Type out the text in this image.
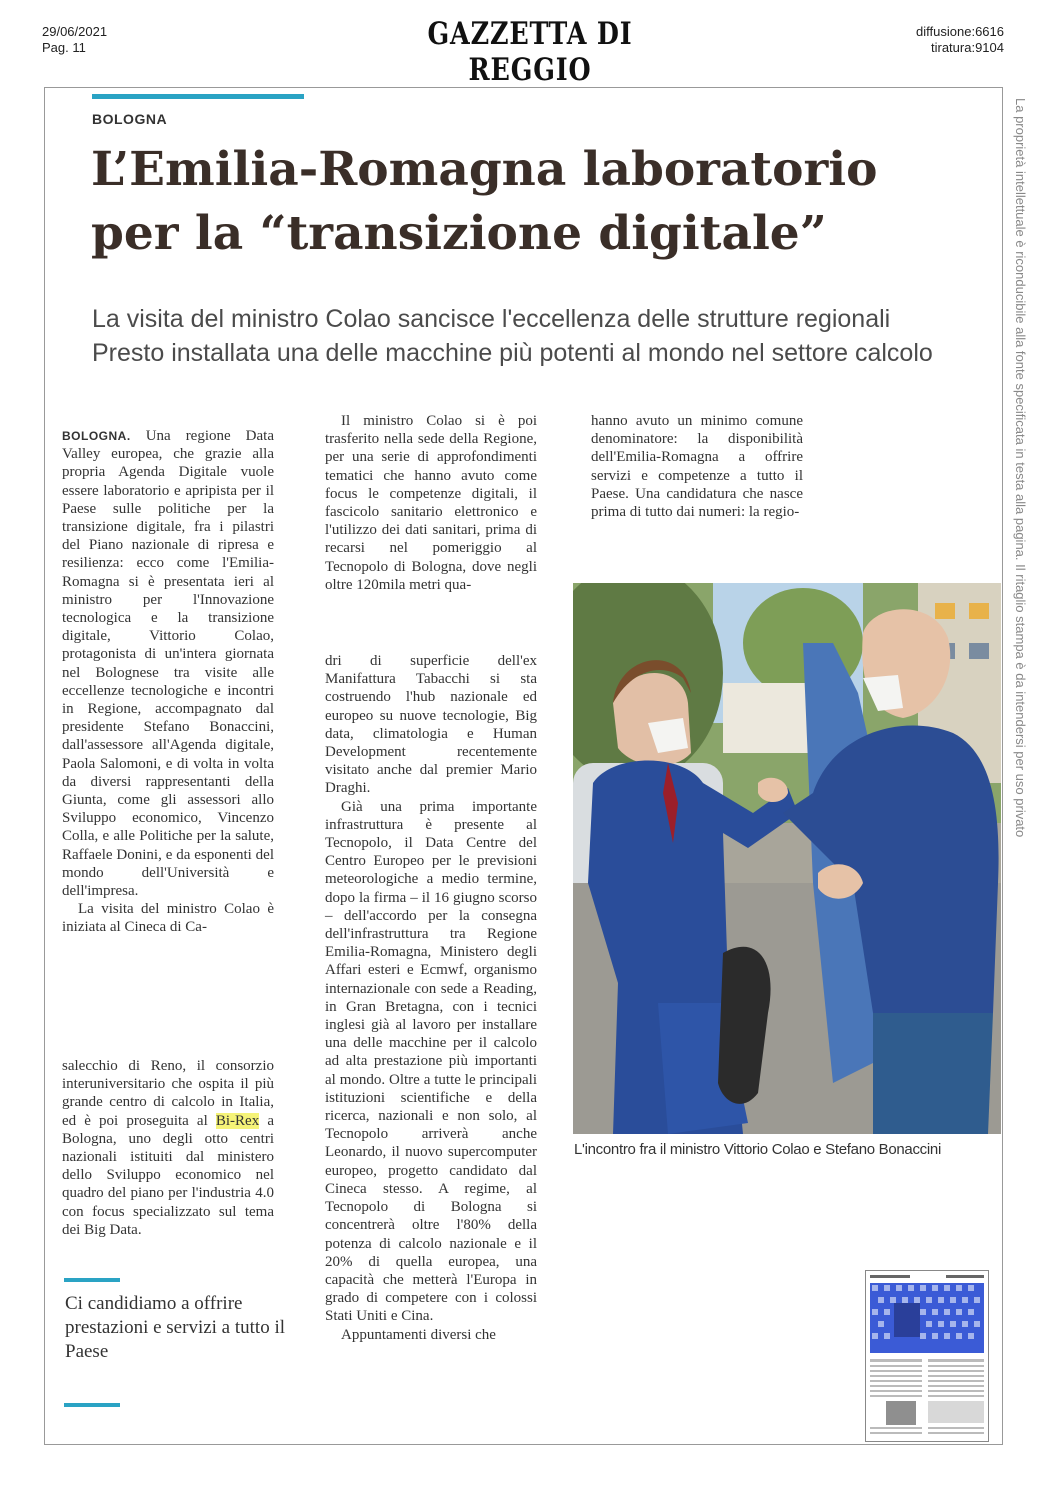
29/06/2021
Pag. 11	GAZZETTA DI REGGIO
diffusione:6616
tiratura:9104
BOLOGNA
L’Emilia-Romagna laboratorio
per la “transizione digitale”
La visita del ministro Colao sancisce l'eccellenza delle strutture regionali
Presto installata una delle macchine più potenti al mondo nel settore calcolo

BOLOGNA. Una regione Data Valley europea, che grazie alla propria Agenda Digitale vuole essere laboratorio e apripista per il Paese sulle politiche per la transizione digitale, fra i pilastri del Piano nazionale di ripresa e resilienza: ecco come l'Emilia-Romagna si è presentata ieri al ministro per l'Innovazione tecnologica e la transizione digitale, Vittorio Colao, protagonista di un'intera giornata nel Bolognese tra visite alle eccellenze tecnologiche e incontri in Regione, accompagnato dal presidente Stefano Bonaccini, dall'assessore all'Agenda digitale, Paola Salomoni, e di volta in volta da diversi rappresentanti della Giunta, come gli assessori allo Sviluppo economico, Vincenzo Colla, e alle Politiche per la salute, Raffaele Donini, e da esponenti del mondo dell'Università e dell'impresa.

La visita del ministro Colao è iniziata al Cineca di Ca-

salecchio di Reno, il consorzio interuniversitario che ospita il più grande centro di calcolo in Italia, ed è poi proseguita al Bi-Rex a Bologna, uno degli otto centri nazionali istituiti dal ministero dello Sviluppo economico nel quadro del piano per l'industria 4.0 con focus specializzato sul tema dei Big Data.

Ci candidiamo a offrire prestazioni e servizi a tutto il Paese

Il ministro Colao si è poi trasferito nella sede della Regione, per una serie di approfondimenti tematici che hanno avuto come focus le competenze digitali, il fascicolo sanitario elettronico e l'utilizzo dei dati sanitari, prima di recarsi nel pomeriggio al Tecnopolo di Bologna, dove negli oltre 120mila metri qua-

dri di superficie dell'ex Manifattura Tabacchi si sta costruendo l'hub nazionale ed europeo su nuove tecnologie, Big data, climatologia e Human Development recentemente visitato anche dal premier Mario Draghi.

Già una prima importante infrastruttura è presente al Tecnopolo, il Data Centre del Centro Europeo per le previsioni meteorologiche a medio termine, dopo la firma – il 16 giugno scorso – dell'accordo per la consegna dell'infrastruttura tra Regione Emilia-Romagna, Ministero degli Affari esteri e Ecmwf, organismo internazionale con sede a Reading, in Gran Bretagna, con i tecnici inglesi già al lavoro per installare una delle macchine per il calcolo ad alta prestazione più importanti al mondo. Oltre a tutte le principali istituzioni scientifiche e della ricerca, nazionali e non solo, al Tecnopolo arriverà anche Leonardo, il nuovo supercomputer europeo, progetto candidato dal Cineca stesso. A regime, al Tecnopolo di Bologna si concentrerà oltre l'80% della potenza di calcolo nazionale e il 20% di quella europea, una capacità che metterà l'Europa in grado di competere con i colossi Stati Uniti e Cina.

Appuntamenti diversi che

hanno avuto un minimo comune denominatore: la disponibilità dell'Emilia-Romagna a offrire servizi e competenze a tutto il Paese. Una candidatura che nasce prima di tutto dai numeri: la regio-

L'incontro fra il ministro Vittorio Colao e Stefano Bonaccini
La proprietà intellettuale è riconducibile alla fonte specificata in testa alla pagina. Il ritaglio stampa è da intendersi per uso privato
